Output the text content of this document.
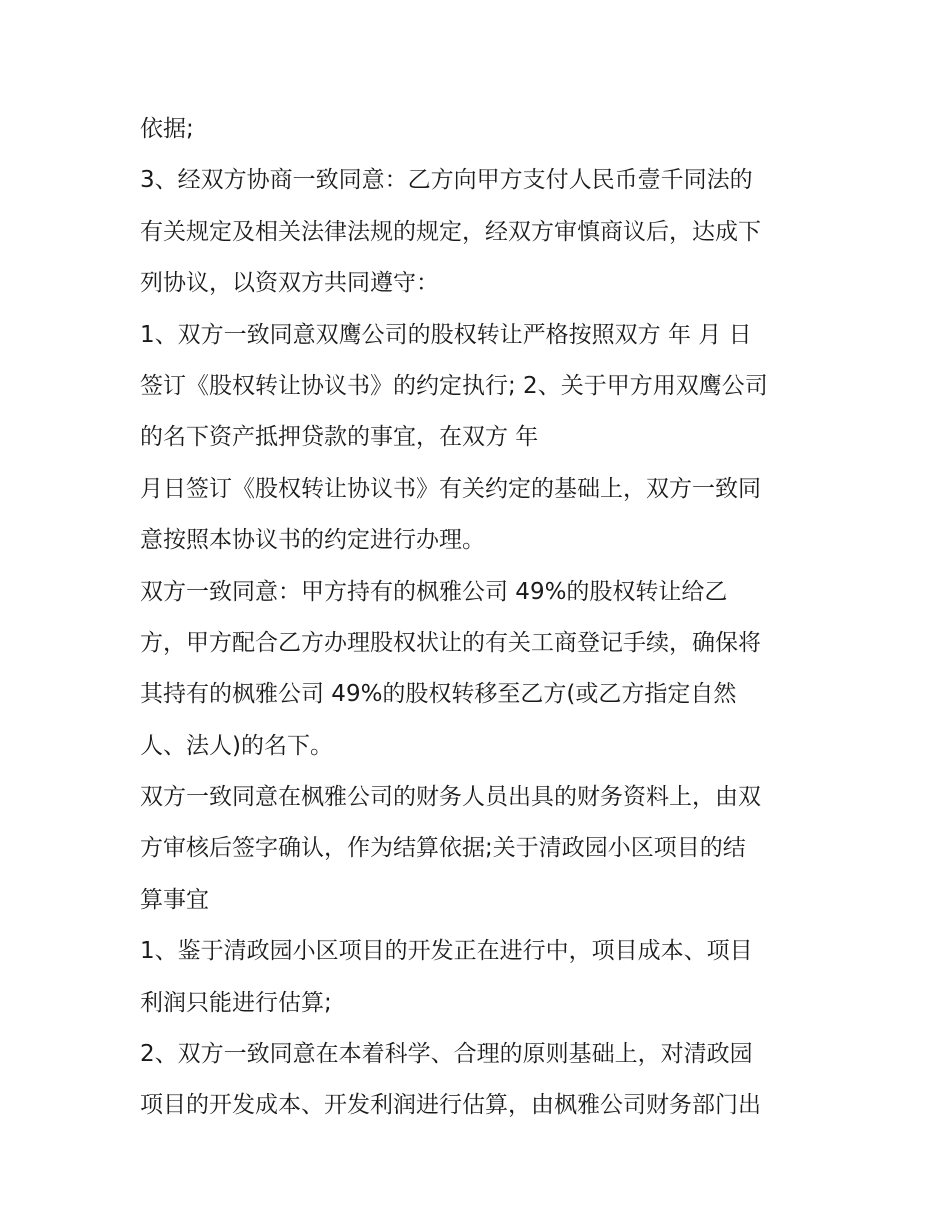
依据;
3、经双方协商一致同意：乙方向甲方支付人民币壹千同法的
有关规定及相关法律法规的规定，经双方审慎商议后，达成下
列协议，以资双方共同遵守：
1、双方一致同意双鹰公司的股权转让严格按照双方 年 月 日
签订《股权转让协议书》的约定执行; 2、关于甲方用双鹰公司
的名下资产抵押贷款的事宜，在双方 年
月日签订《股权转让协议书》有关约定的基础上，双方一致同
意按照本协议书的约定进行办理。
双方一致同意：甲方持有的枫雅公司 49%的股权转让给乙
方，甲方配合乙方办理股权状让的有关工商登记手续，确保将
其持有的枫雅公司 49%的股权转移至乙方(或乙方指定自然
人、法人)的名下。
双方一致同意在枫雅公司的财务人员出具的财务资料上，由双
方审核后签字确认，作为结算依据;关于清政园小区项目的结
算事宜
1、鉴于清政园小区项目的开发正在进行中，项目成本、项目
利润只能进行估算;
2、双方一致同意在本着科学、合理的原则基础上，对清政园
项目的开发成本、开发利润进行估算，由枫雅公司财务部门出
